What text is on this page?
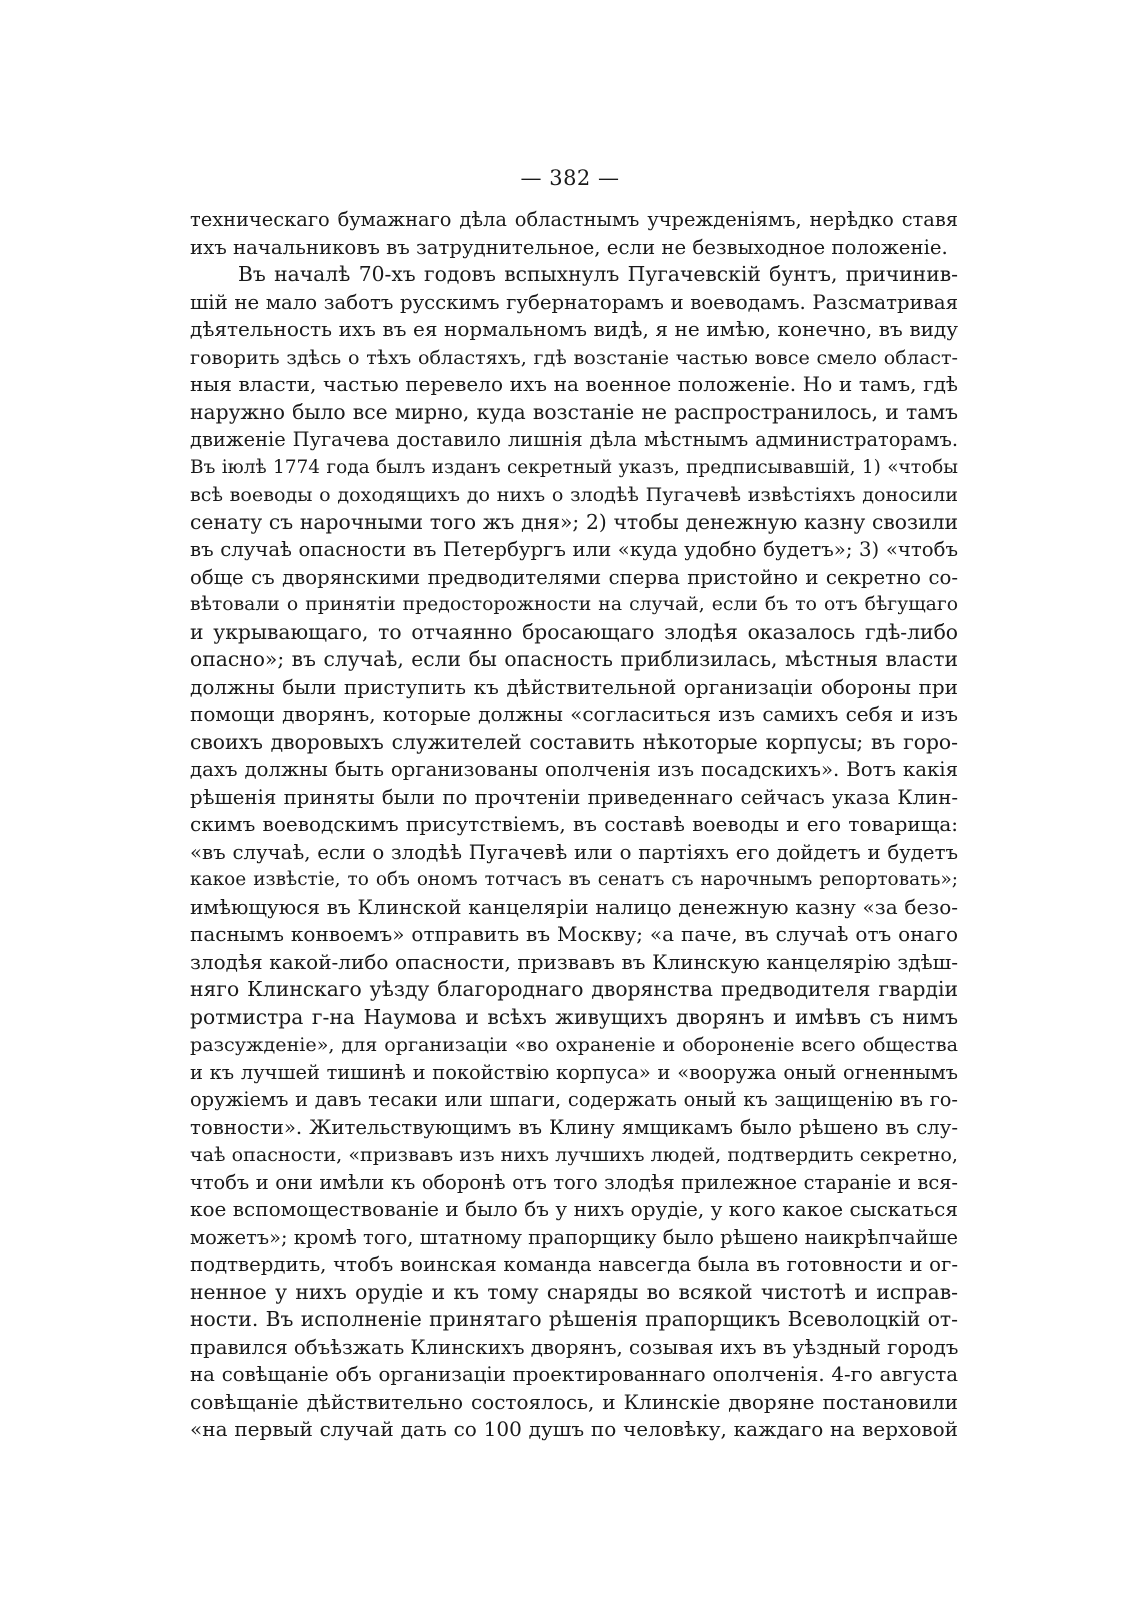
— 382 —
техническаго бумажнаго дѣла областнымъ учрежденіямъ, нерѣдко ставя
ихъ начальниковъ въ затруднительное, если не безвыходное положеніе.
Въ началѣ 70-хъ годовъ вспыхнулъ Пугачевскій бунтъ, причинив-
шій не мало заботъ русскимъ губернаторамъ и воеводамъ. Разсматривая
дѣятельность ихъ въ ея нормальномъ видѣ, я не имѣю, конечно, въ виду
говорить здѣсь о тѣхъ областяхъ, гдѣ возстаніе частью вовсе смело област-
ныя власти, частью перевело ихъ на военное положеніе. Но и тамъ, гдѣ
наружно было все мирно, куда возстаніе не распространилось, и тамъ
движеніе Пугачева доставило лишнія дѣла мѣстнымъ администраторамъ.
Въ іюлѣ 1774 года былъ изданъ секретный указъ, предписывавшій, 1) «чтобы
всѣ воеводы о доходящихъ до нихъ о злодѣѣ Пугачевѣ извѣстіяхъ доносили
сенату съ нарочными того жъ дня»; 2) чтобы денежную казну свозили
въ случаѣ опасности въ Петербургъ или «куда удобно будетъ»; 3) «чтобъ
обще съ дворянскими предводителями сперва пристойно и секретно со-
вѣтовали о принятіи предосторожности на случай, если бъ то отъ бѣгущаго
и укрывающаго, то отчаянно бросающаго злодѣя оказалось гдѣ-либо
опасно»; въ случаѣ, если бы опасность приблизилась, мѣстныя власти
должны были приступить къ дѣйствительной организаціи обороны при
помощи дворянъ, которые должны «согласиться изъ самихъ себя и изъ
своихъ дворовыхъ служителей составить нѣкоторые корпусы; въ горо-
дахъ должны быть организованы ополченія изъ посадскихъ». Вотъ какія
рѣшенія приняты были по прочтеніи приведеннаго сейчасъ указа Клин-
скимъ воеводскимъ присутствіемъ, въ составѣ воеводы и его товарища:
«въ случаѣ, если о злодѣѣ Пугачевѣ или о партіяхъ его дойдетъ и будетъ
какое извѣстіе, то объ ономъ тотчасъ въ сенатъ съ нарочнымъ репортовать»;
имѣющуюся въ Клинской канцеляріи налицо денежную казну «за безо-
паснымъ конвоемъ» отправить въ Москву; «а паче, въ случаѣ отъ онаго
злодѣя какой-либо опасности, призвавъ въ Клинскую канцелярію здѣш-
няго Клинскаго уѣзду благороднаго дворянства предводителя гвардіи
ротмистра г-на Наумова и всѣхъ живущихъ дворянъ и имѣвъ съ нимъ
разсужденіе», для организаціи «во охраненіе и обороненіе всего общества
и къ лучшей тишинѣ и покойствію корпуса» и «вооружа оный огненнымъ
оружіемъ и давъ тесаки или шпаги, содержать оный къ защищенію въ го-
товности». Жительствующимъ въ Клину ямщикамъ было рѣшено въ слу-
чаѣ опасности, «призвавъ изъ нихъ лучшихъ людей, подтвердить секретно,
чтобъ и они имѣли къ оборонѣ отъ того злодѣя прилежное стараніе и вся-
кое вспомоществованіе и было бъ у нихъ орудіе, у кого какое сыскаться
можетъ»; кромѣ того, штатному прапорщику было рѣшено наикрѣпчайше
подтвердить, чтобъ воинская команда навсегда была въ готовности и ог-
ненное у нихъ орудіе и къ тому снаряды во всякой чистотѣ и исправ-
ности. Въ исполненіе принятаго рѣшенія прапорщикъ Всеволоцкій от-
правился объѣзжать Клинскихъ дворянъ, созывая ихъ въ уѣздный городъ
на совѣщаніе объ организаціи проектированнаго ополченія. 4-го августа
совѣщаніе дѣйствительно состоялось, и Клинскіе дворяне постановили
«на первый случай дать со 100 душъ по человѣку, каждаго на верховой
